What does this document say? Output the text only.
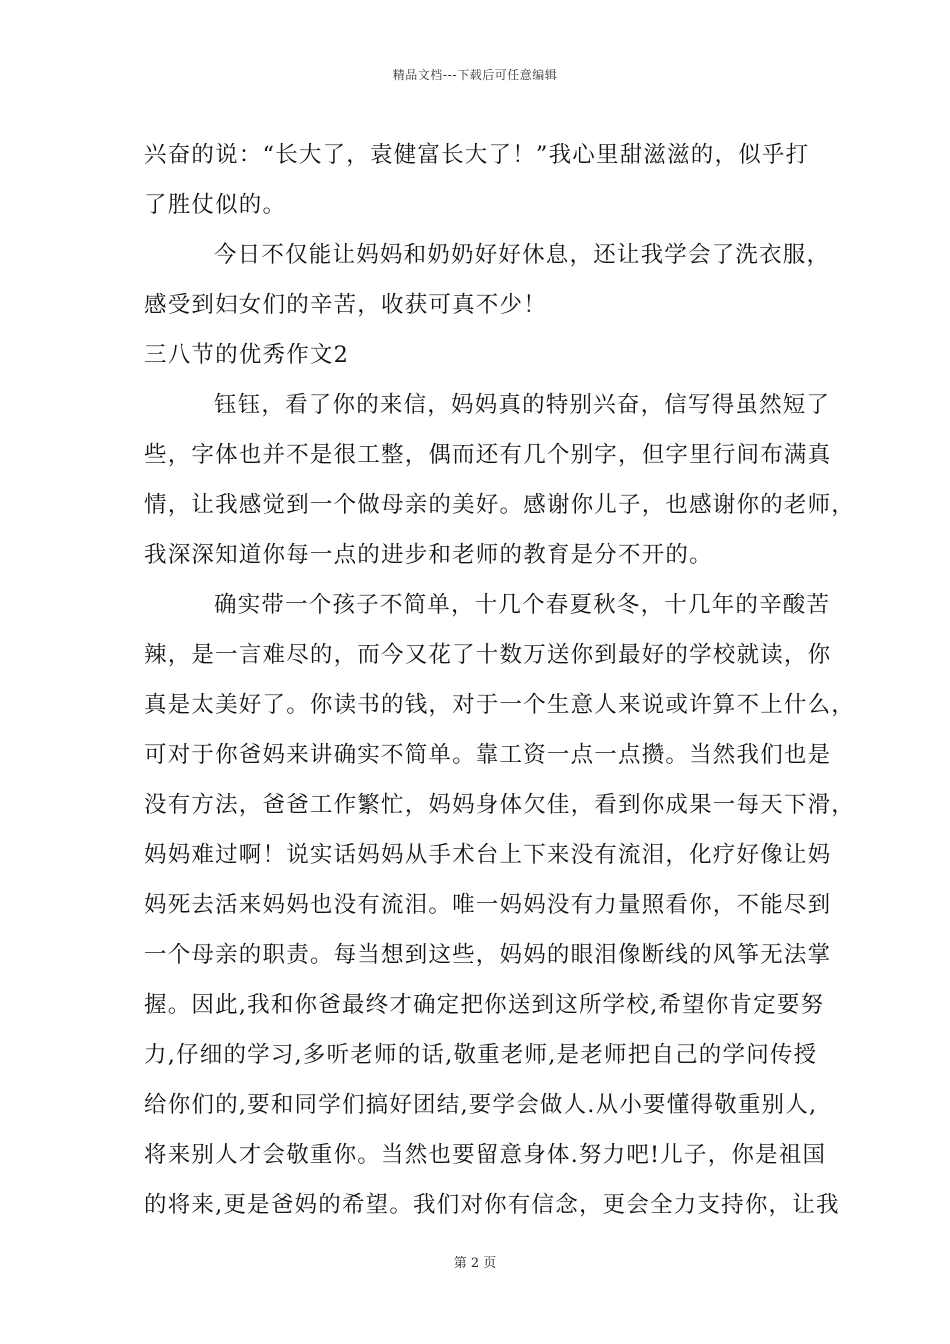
精品文档---下载后可任意编辑
兴奋的说：“长大了，袁健富长大了！”我心里甜滋滋的，似乎打
了胜仗似的。
今日不仅能让妈妈和奶奶好好休息，还让我学会了洗衣服，
感受到妇女们的辛苦，收获可真不少！
三八节的优秀作文2
钰钰，看了你的来信，妈妈真的特别兴奋，信写得虽然短了
些，字体也并不是很工整，偶而还有几个别字，但字里行间布满真
情，让我感觉到一个做母亲的美好。感谢你儿子，也感谢你的老师，
我深深知道你每一点的进步和老师的教育是分不开的。
确实带一个孩子不简单，十几个春夏秋冬，十几年的辛酸苦
辣，是一言难尽的，而今又花了十数万送你到最好的学校就读，你
真是太美好了。你读书的钱，对于一个生意人来说或许算不上什么，
可对于你爸妈来讲确实不简单。靠工资一点一点攒。当然我们也是
没有方法，爸爸工作繁忙，妈妈身体欠佳，看到你成果一每天下滑，
妈妈难过啊！说实话妈妈从手术台上下来没有流泪，化疗好像让妈
妈死去活来妈妈也没有流泪。唯一妈妈没有力量照看你，不能尽到
一个母亲的职责。每当想到这些，妈妈的眼泪像断线的风筝无法掌
握。因此,我和你爸最终才确定把你送到这所学校,希望你肯定要努
力,仔细的学习,多听老师的话,敬重老师,是老师把自己的学问传授
给你们的,要和同学们搞好团结,要学会做人.从小要懂得敬重别人,
将来别人才会敬重你。当然也要留意身体.努力吧!儿子，你是祖国
的将来,更是爸妈的希望。我们对你有信念，更会全力支持你，让我
第 2 页
